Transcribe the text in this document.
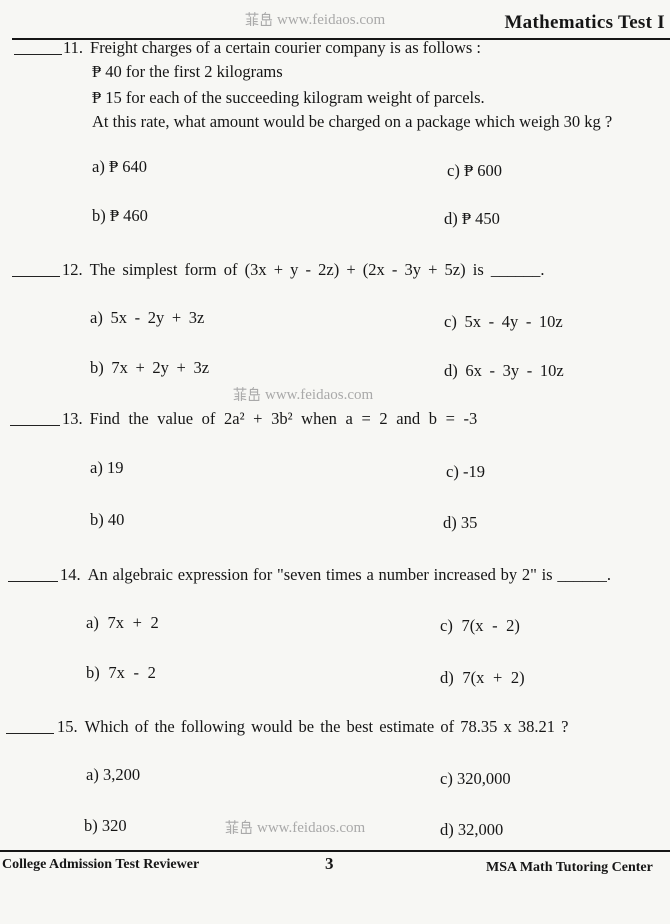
www.feidaos.com	Mathematics Test I
11. Freight charges of a certain courier company is as follows :
₱ 40 for the first 2 kilograms
₱ 15 for each of the succeeding kilogram weight of parcels.
At this rate, what amount would be charged on a package which weigh 30 kg ?
a) ₱ 640	c) ₱ 600
b) ₱ 460	d) ₱ 450
12. The simplest form of (3x + y - 2z) + (2x - 3y + 5z) is ______.
a) 5x - 2y + 3z	c) 5x - 4y - 10z
b) 7x + 2y + 3z	d) 6x - 3y - 10z
www.feidaos.com
13. Find the value of 2a² + 3b² when a = 2 and b = -3
a) 19	c) -19
b) 40	d) 35
14. An algebraic expression for "seven times a number increased by 2" is ______.
a) 7x + 2	c) 7(x - 2)
b) 7x - 2	d) 7(x + 2)
15. Which of the following would be the best estimate of 78.35 x 38.21 ?
a) 3,200	c) 320,000
b) 320	d) 32,000
www.feidaos.com
College Admission Test Reviewer	3	MSA Math Tutoring Center
